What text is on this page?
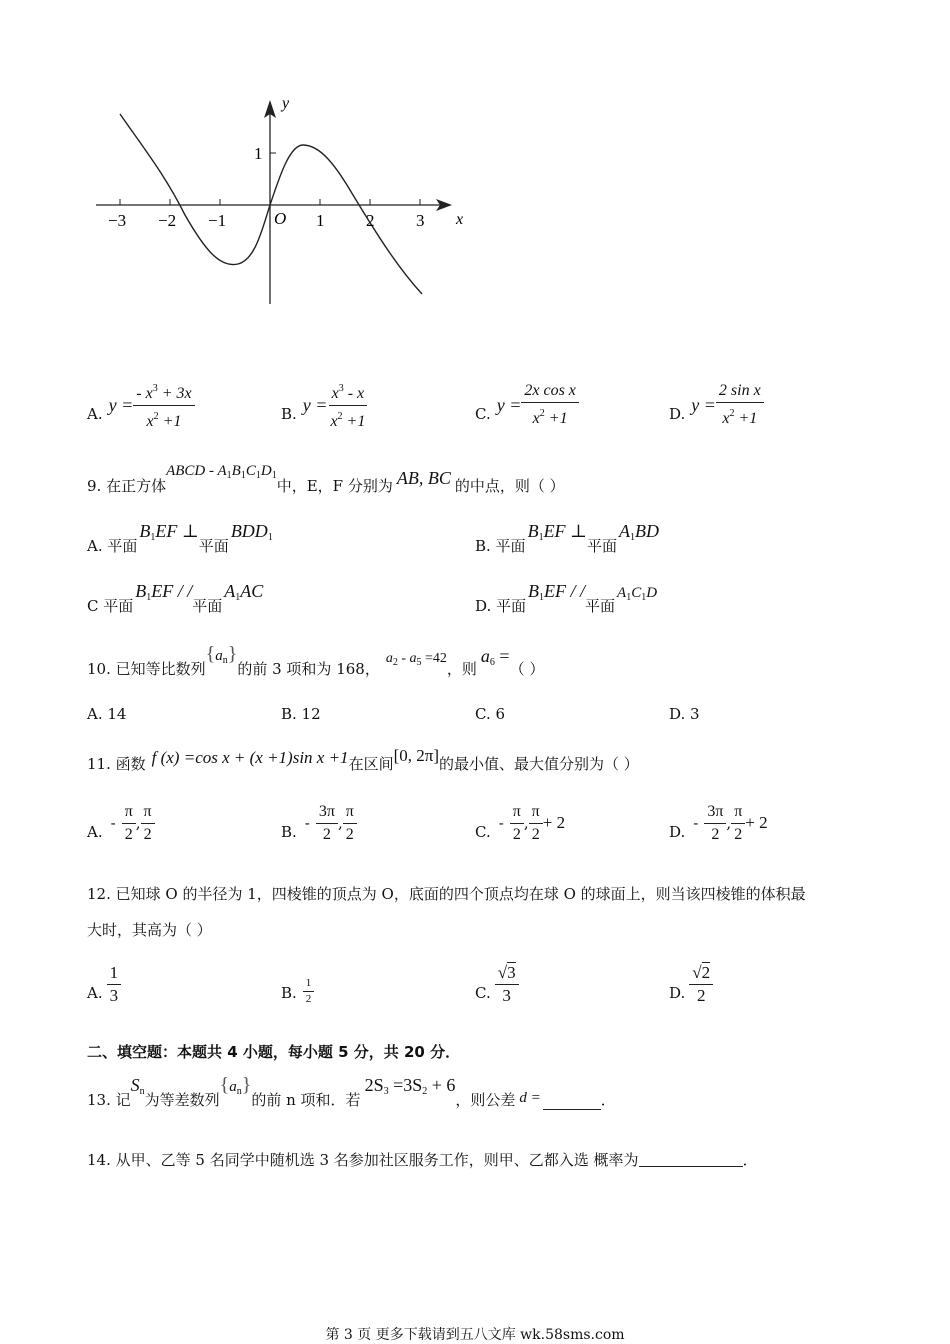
y
x
O
−3 −2 −1	1 2 3
1
A. $y = \frac{- x^3 + 3x}{x^2 +1}$	B. $y = \frac{x^3 - x}{x^2 +1}$	C. $y = \frac{\text{2x cos x}}{x^2 +1}$	D. $y = \frac{\text{2 sin x}}{x^2 +1}$
9. 在正方体
ABCD - $A_1B_1C_1D_1$
中，E，F 分别为 AB, BC 的中点，则（ ）
A. 平面
$B_1EF$ ⊥
平面
$BDD_1$	B. 平面
$B_1EF$ ⊥
平面
$A_1BD$
C 平面
$B_1EF$ / /
平面
$A_1AC$
D. 平面
$B_1EF$ / /
平面
$A_1C_1D$
10. 已知等比数列
$\{a_n\}$
的前 3 项和为 168，
$a_2 - a_5 =42$
，则
$a_6$ =
（ ）
A. 14	B. 12	C. 6	D. 3
11. 函数 f (x) =cos x + (x +1)sin x +1 在区间 [0, 2π] 的最小值、最大值分别为（ ）
A. - $\frac{\pi}{2}$ , $\frac{\pi}{2}$	B. - $\frac{3\pi}{2}$ , $\frac{\pi}{2}$	C. - $\frac{\pi}{2}$ , $\frac{\pi}{2} + 2$	D. - $\frac{3\pi}{2}$ , $\frac{\pi}{2} + 2$
12. 已知球 O 的半径为 1，四棱锥的顶点为 O，底面的四个顶点均在球 O 的球面上，则当该四棱锥的体积最
大时，其高为（ ）
A. $\frac{1}{3}$	B. $\frac{1}{2}$	C. $\frac{√3}{3}$	D. $\frac{√2}{2}$
二、填空题：本题共 4 小题，每小题 5 分，共 20 分．
13. 记
$S_n$ 为等差数列
$\{a_n\}$
的前 n 项和．若
$2S_3 =3S_2 + 6$
，则公差 d =	．
14. 从甲、乙等 5 名同学中随机选 3 名参加社区服务工作，则甲、乙都入选 概率为	．
第 3 页 更多下载请到五八文库 wk.58sms.com
